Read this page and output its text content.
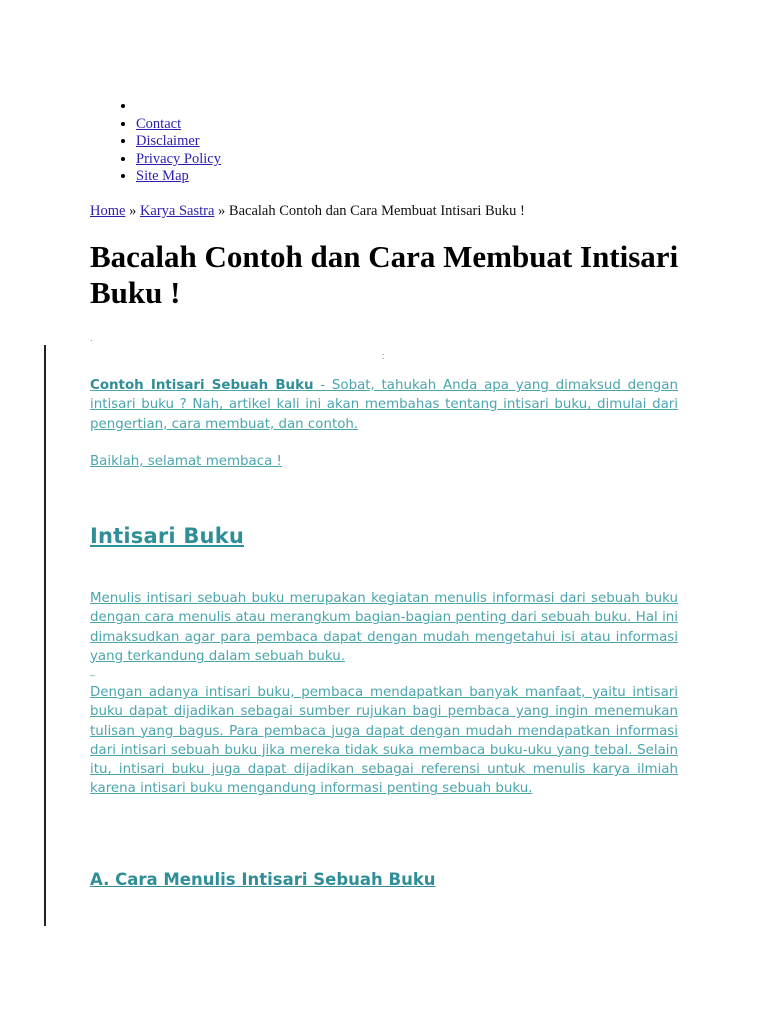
•
• Contact
• Disclaimer
• Privacy Policy
• Site Map
Home » Karya Sastra » Bacalah Contoh dan Cara Membuat Intisari Buku !
Bacalah Contoh dan Cara Membuat Intisari Buku !
.
:

Contoh Intisari Sebuah Buku - Sobat, tahukah Anda apa yang dimaksud dengan intisari buku ? Nah, artikel kali ini akan membahas tentang intisari buku, dimulai dari pengertian, cara membuat, dan contoh.

Baiklah, selamat membaca !

Intisari Buku

Menulis intisari sebuah buku merupakan kegiatan menulis informasi dari sebuah buku dengan cara menulis atau merangkum bagian-bagian penting dari sebuah buku. Hal ini dimaksudkan agar para pembaca dapat dengan mudah mengetahui isi atau informasi yang terkandung dalam sebuah buku.

_

Dengan adanya intisari buku, pembaca mendapatkan banyak manfaat, yaitu intisari buku dapat dijadikan sebagai sumber rujukan bagi pembaca yang ingin menemukan tulisan yang bagus. Para pembaca juga dapat dengan mudah mendapatkan informasi dari intisari sebuah buku jika mereka tidak suka membaca buku-uku yang tebal. Selain itu, intisari buku juga dapat dijadikan sebagai referensi untuk menulis karya ilmiah karena intisari buku mengandung informasi penting sebuah buku.

A. Cara Menulis Intisari Sebuah Buku
